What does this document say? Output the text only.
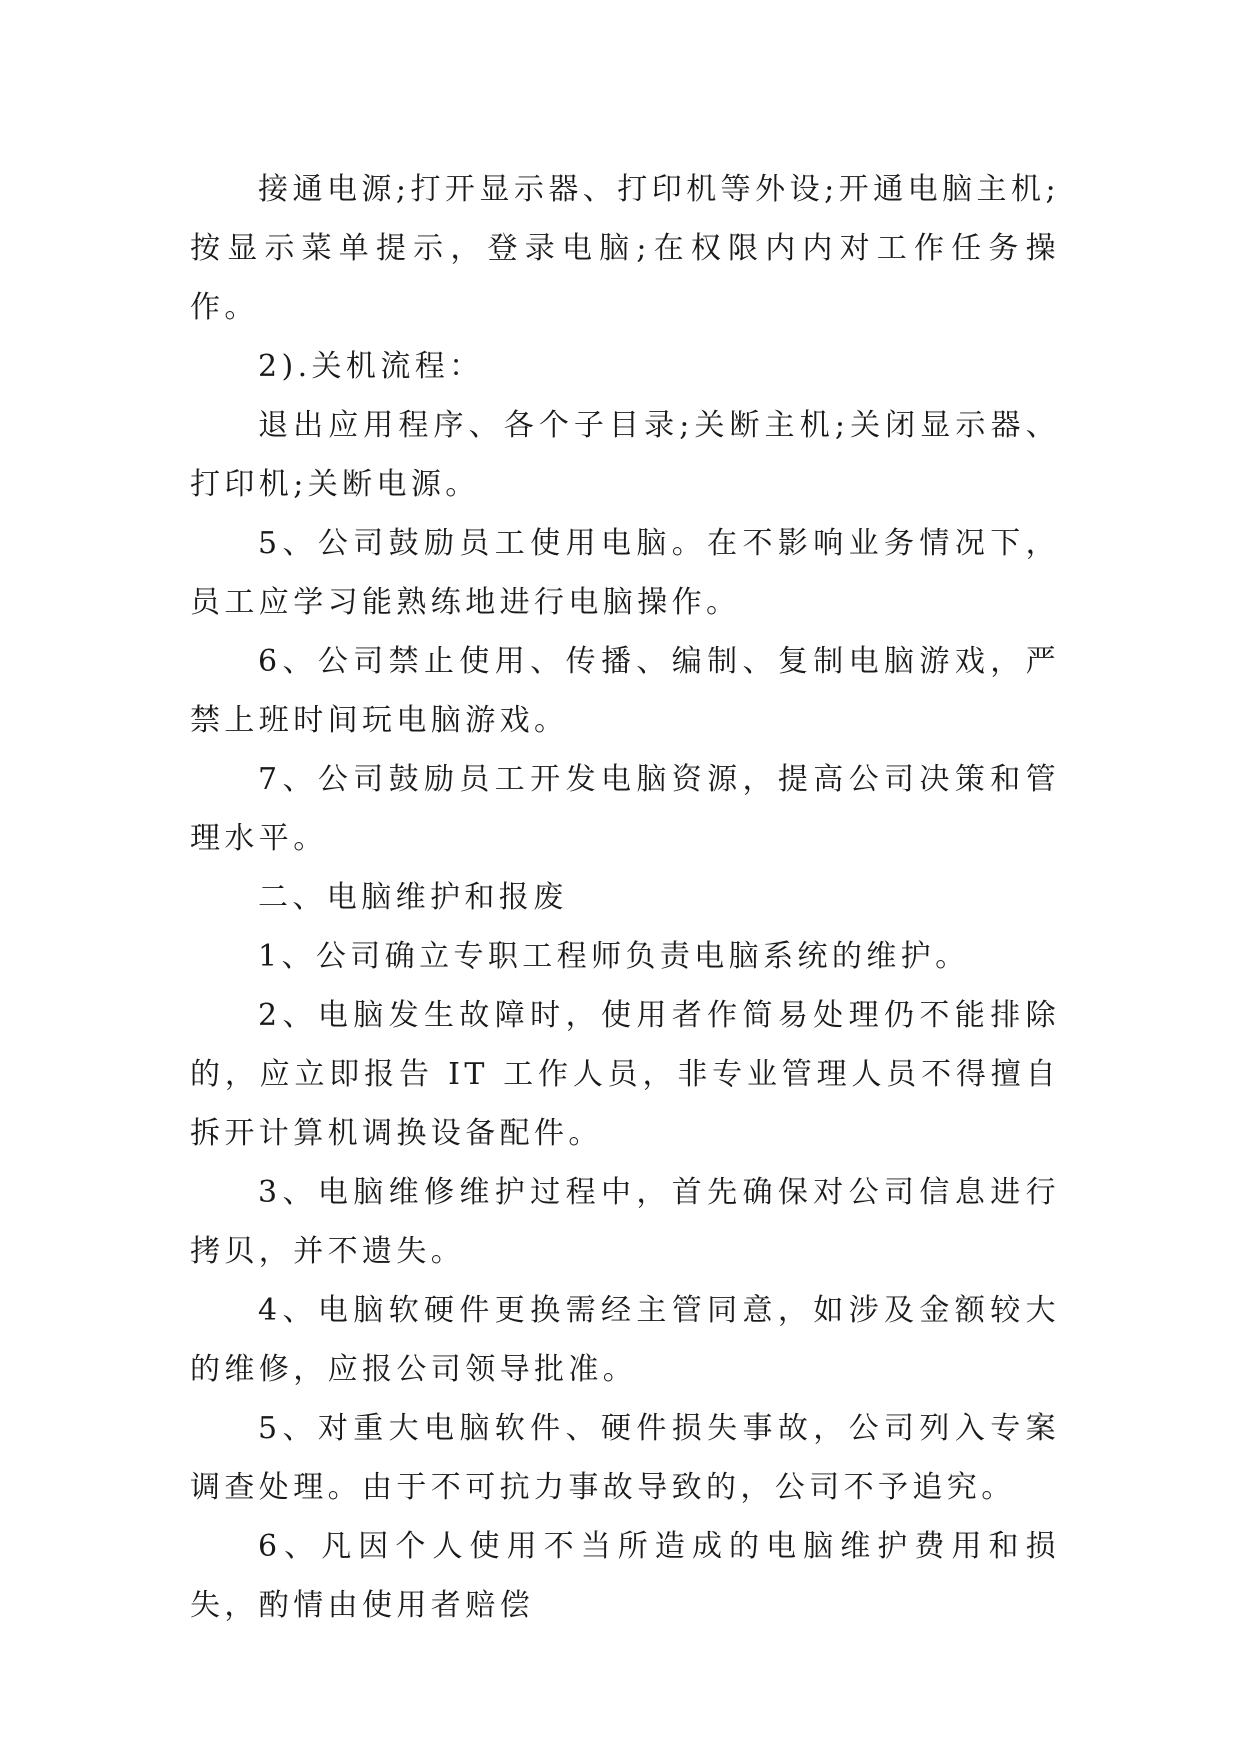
接通电源;打开显示器、打印机等外设;开通电脑主机;按显示菜单提示，登录电脑;在权限内内对工作任务操作。

2).关机流程：

退出应用程序、各个子目录;关断主机;关闭显示器、打印机;关断电源。

5、公司鼓励员工使用电脑。在不影响业务情况下，员工应学习能熟练地进行电脑操作。

6、公司禁止使用、传播、编制、复制电脑游戏，严禁上班时间玩电脑游戏。

7、公司鼓励员工开发电脑资源，提高公司决策和管理水平。

二、电脑维护和报废

1、公司确立专职工程师负责电脑系统的维护。

2、电脑发生故障时，使用者作简易处理仍不能排除的，应立即报告 IT 工作人员，非专业管理人员不得擅自拆开计算机调换设备配件。

3、电脑维修维护过程中，首先确保对公司信息进行拷贝，并不遗失。

4、电脑软硬件更换需经主管同意，如涉及金额较大的维修，应报公司领导批准。

5、对重大电脑软件、硬件损失事故，公司列入专案调查处理。由于不可抗力事故导致的，公司不予追究。

6、凡因个人使用不当所造成的电脑维护费用和损失，酌情由使用者赔偿
